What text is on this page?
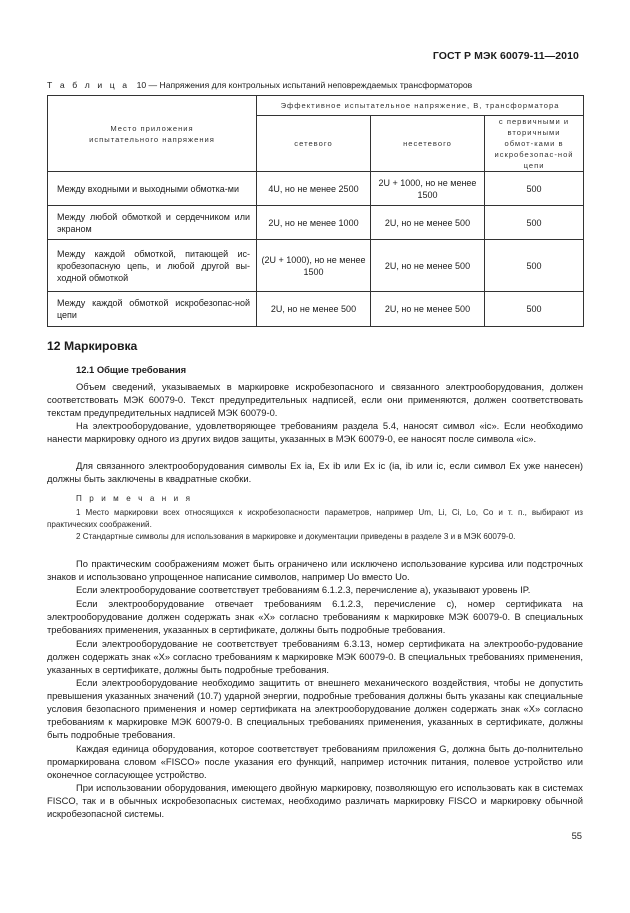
ГОСТ Р МЭК 60079-11—2010
Т а б л и ц а 10 — Напряжения для контрольных испытаний неповреждаемых трансформаторов
Место приложения испытательного напряжения	Эффективное испытательное напряжение, В, трансформатора		
	сетевого	несетевого	с первичными и вторичными обмот-ками в искробезопас-ной цепи
Между входными и выходными обмотка-ми	4U, но не менее 2500	2U + 1000, но не менее 1500	500
Между любой обмоткой и сердечником или экраном	2U, но не менее 1000	2U, но не менее 500	500
Между каждой обмоткой, питающей ис-кробезопасную цепь, и любой другой вы-ходной обмоткой	(2U + 1000), но не менее 1500	2U, но не менее 500	500
Между каждой обмоткой искробезопас-ной цепи	2U, но не менее 500	2U, но не менее 500	500
12 Маркировка
12.1 Общие требования
Объем сведений, указываемых в маркировке искробезопасного и связанного электрооборудования, должен соответствовать МЭК 60079-0. Текст предупредительных надписей, если они применяются, должен соответствовать текстам предупредительных надписей МЭК 60079-0.
На электрооборудование, удовлетворяющее требованиям раздела 5.4, наносят символ «ic». Если необходимо нанести маркировку одного из других видов защиты, указанных в МЭК 60079-0, ее наносят после символа «ic».
Для связанного электрооборудования символы Ex ia, Ex ib или Ex ic (ia, ib или ic, если символ Ex уже нанесен) должны быть заключены в квадратные скобки.
П р и м е ч а н и я
1 Место маркировки всех относящихся к искробезопасности параметров, например Um, Li, Ci, Lo, Co и т. п., выбирают из практических соображений.
2 Стандартные символы для использования в маркировке и документации приведены в разделе 3 и в МЭК 60079-0.
По практическим соображениям может быть ограничено или исключено использование курсива или подстрочных знаков и использовано упрощенное написание символов, например Uo вместо Uo.
Если электрооборудование соответствует требованиям 6.1.2.3, перечисление a), указывают уровень IP.
Если электрооборудование отвечает требованиям 6.1.2.3, перечисление c), номер сертификата на электрооборудование должен содержать знак «X» согласно требованиям к маркировке МЭК 60079-0. В специальных требованиях применения, указанных в сертификате, должны быть подробные требования.
Если электрооборудование не соответствует требованиям 6.3.13, номер сертификата на электрообо-рудование должен содержать знак «X» согласно требованиям к маркировке МЭК 60079-0. В специальных требованиях применения, указанных в сертификате, должны быть подробные требования.
Если электрооборудование необходимо защитить от внешнего механического воздействия, чтобы не допустить превышения указанных значений (10.7) ударной энергии, подробные требования должны быть указаны как специальные условия безопасного применения и номер сертификата на электрооборудование должен содержать знак «X» согласно требованиям к маркировке МЭК 60079-0. В специальных требованиях применения, указанных в сертификате, должны быть подробные требования.
Каждая единица оборудования, которое соответствует требованиям приложения G, должна быть до-полнительно промаркирована словом «FISCO» после указания его функций, например источник питания, полевое устройство или оконечное согласующее устройство.
При использовании оборудования, имеющего двойную маркировку, позволяющую его использовать как в системах FISCO, так и в обычных искробезопасных системах, необходимо различать маркировку FISCO и маркировку обычной искробезопасной системы.
55
